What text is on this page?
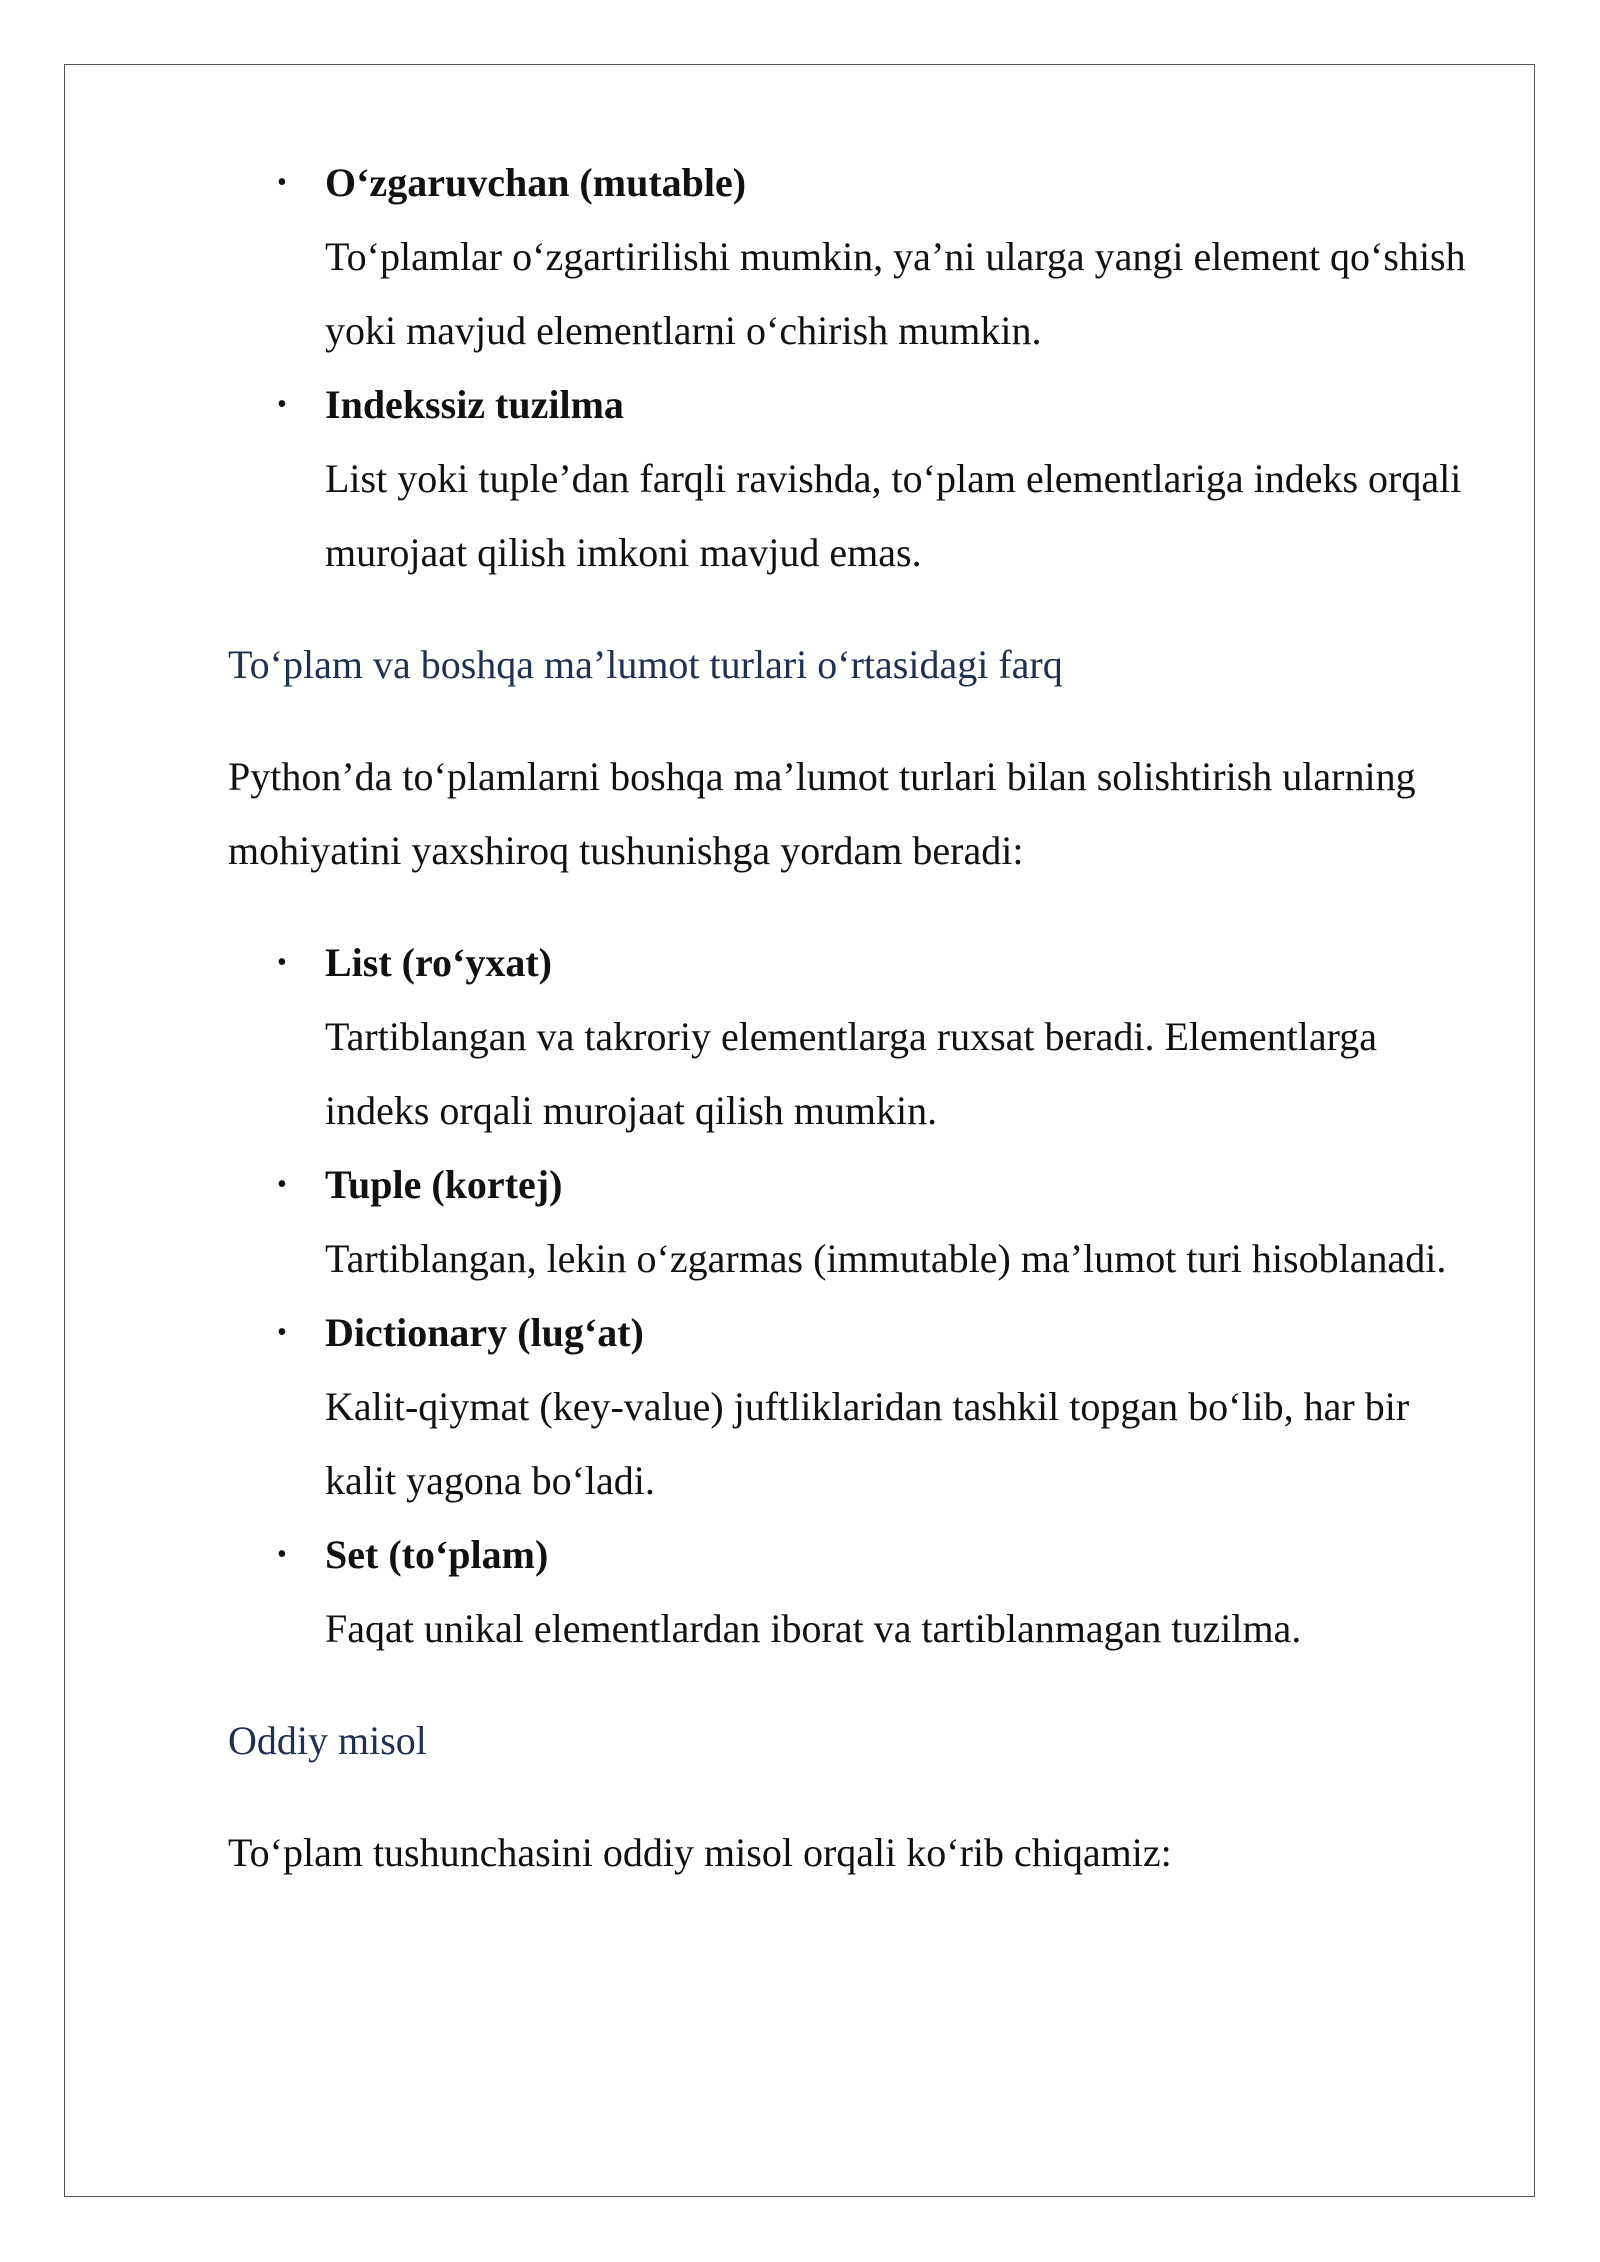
• O‘zgaruvchan (mutable)
To‘plamlar o‘zgartirilishi mumkin, ya’ni ularga yangi element qo‘shish yoki mavjud elementlarni o‘chirish mumkin.
• Indekssiz tuzilma
List yoki tuple’dan farqli ravishda, to‘plam elementlariga indeks orqali murojaat qilish imkoni mavjud emas.
To‘plam va boshqa ma’lumot turlari o‘rtasidagi farq

Python’da to‘plamlarni boshqa ma’lumot turlari bilan solishtirish ularning mohiyatini yaxshiroq tushunishga yordam beradi:

• List (ro‘yxat)
Tartiblangan va takroriy elementlarga ruxsat beradi. Elementlarga indeks orqali murojaat qilish mumkin.
• Tuple (kortej)
Tartiblangan, lekin o‘zgarmas (immutable) ma’lumot turi hisoblanadi.
• Dictionary (lug‘at)
Kalit-qiymat (key-value) juftliklaridan tashkil topgan bo‘lib, har bir kalit yagona bo‘ladi.
• Set (to‘plam)
Faqat unikal elementlardan iborat va tartiblanmagan tuzilma.
Oddiy misol

To‘plam tushunchasini oddiy misol orqali ko‘rib chiqamiz:
